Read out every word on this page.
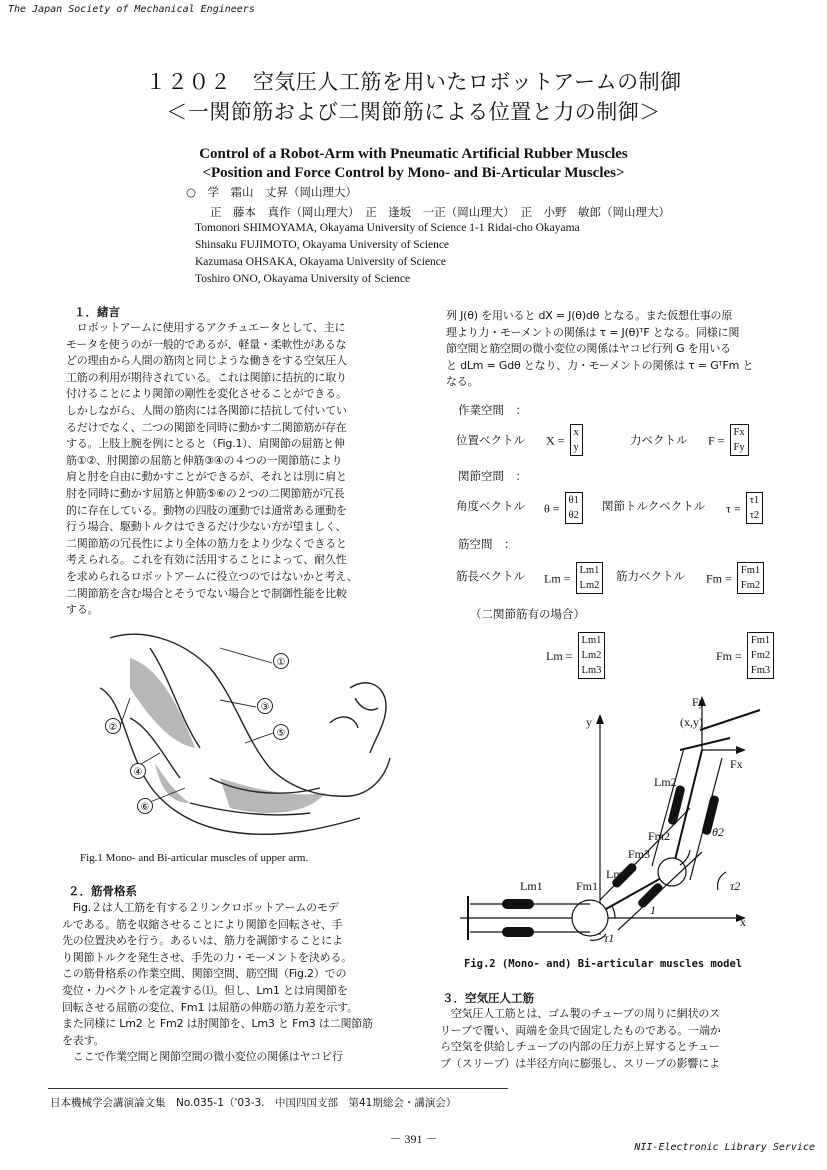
The Japan Society of Mechanical Engineers
NII-Electronic Library Service
１２０２　空気圧人工筋を用いたロボットアームの制御
＜一関節筋および二関節筋による位置と力の制御＞
Control of a Robot-Arm with Pneumatic Artificial Rubber Muscles
<Position and Force Control by Mono- and Bi-Articular Muscles>
○　学　霜山　丈昇（岡山理大）
正　藤本　真作（岡山理大）　正　逢坂　一正（岡山理大）　正　小野　敏郎（岡山理大）
Tomonori SHIMOYAMA, Okayama University of Science 1-1 Ridai-cho Okayama
Shinsaku FUJIMOTO, Okayama University of Science
Kazumasa OHSAKA, Okayama University of Science
Toshiro ONO, Okayama University of Science
１．緒言

　ロボットアームに使用するアクチュエータとして、主に

モータを使うのが一般的であるが、軽量・柔軟性があるな

どの理由から人間の筋肉と同じような働きをする空気圧人

工筋の利用が期待されている。これは関節に拮抗的に取り

付けることにより関節の剛性を変化させることができる。

しかしながら、人間の筋肉には各関節に拮抗して付いてい

るだけでなく、二つの関節を同時に動かす二関節筋が存在

する。上肢上腕を例にとると（Fig.1）、肩関節の屈筋と伸

筋①②、肘関節の屈筋と伸筋③④の４つの一関節筋により

肩と肘を自由に動かすことができるが、それとは別に肩と

肘を同時に動かす屈筋と伸筋⑤⑥の２つの二関節筋が冗長

的に存在している。動物の四肢の運動では通常ある運動を

行う場合、駆動トルクはできるだけ少ない方が望ましく、

二関節筋の冗長性により全体の筋力をより少なくできると

考えられる。これを有効に活用することによって、耐久性

を求められるロボットアームに役立つのではないかと考え、

二関節筋を含む場合とそうでない場合とで制御性能を比較

する。

①
②
③
④
⑤
⑥
Fig.1 Mono- and Bi-articular muscles of upper arm.
２．筋骨格系

　Fig.２は人工筋を有する２リンクロボットアームのモデ

ルである。筋を収縮させることにより関節を回転させ、手

先の位置決めを行う。あるいは、筋力を調節することによ

り関節トルクを発生させ、手先の力・モーメントを決める。

この筋骨格系の作業空間、関節空間、筋空間（Fig.2）での

変位・力ベクトルを定義する⑴。但し、Lm1 とは肩関節を

回転させる屈筋の変位、Fm1 は屈筋の伸筋の筋力差を示す。

また同様に Lm2 と Fm2 は肘関節を、Lm3 と Fm3 は二関節筋

を表す。

　ここで作業空間と関節空間の微小変位の関係はヤコビ行

列 J(θ) を用いると dX = J(θ)dθ となる。また仮想仕事の原

理より力・モーメントの関係は τ = J(θ)ᵀF となる。同様に関

節空間と筋空間の微小変位の関係はヤコビ行列 G を用いる

と dLm = Gdθ となり、力・モーメントの関係は τ = GᵀFm と

なる。

作業空間　：
位置ベクトル X =
x
y
力ベクトル F =
Fx
Fy
関節空間　：
角度ベクトル θ =
θ1
θ2
関節トルクベクトル τ =
τ1
τ2
筋空間　：
筋長ベクトル Lm =
Lm1
Lm2
筋力ベクトル Fm =
Fm1
Fm2
（二関節筋有の場合）
Lm =
Lm1
Lm2
Lm3
Fm =
Fm1
Fm2
Fm3
y
x
Fy
(x,y)
Fx
Lm1	Fm1
Lm2
Fm2
Fm3
Lm3
θ2
1
τ2
τ1
Fig.2 (Mono- and) Bi-articular muscles model
３．空気圧人工筋

　空気圧人工筋とは、ゴム製のチューブの周りに網状のス

リーブで覆い、両端を金具で固定したものである。一端か

ら空気を供給しチューブの内部の圧力が上昇するとチュー

ブ（スリーブ）は半径方向に膨張し、スリーブの影響によ

日本機械学会講演論文集　No.035-1（'03-3.　中国四国支部　第41期総会・講演会）
－ 391 －
